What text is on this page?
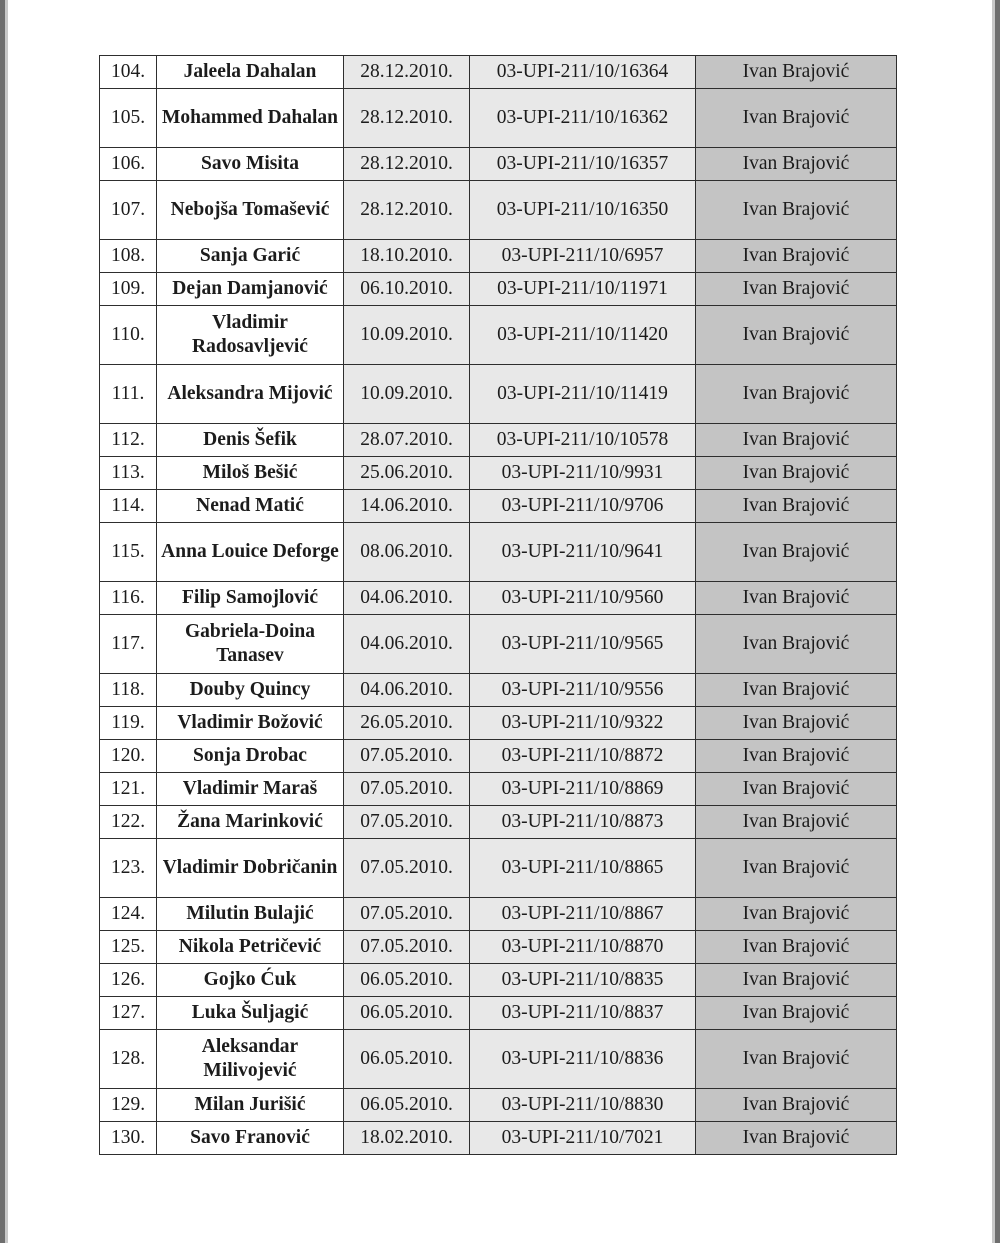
104.	Jaleela Dahalan	28.12.2010.	03-UPI-211/10/16364	Ivan Brajović
105.	Mohammed Dahalan	28.12.2010.	03-UPI-211/10/16362	Ivan Brajović
106.	Savo Misita	28.12.2010.	03-UPI-211/10/16357	Ivan Brajović
107.	Nebojša Tomašević	28.12.2010.	03-UPI-211/10/16350	Ivan Brajović
108.	Sanja Garić	18.10.2010.	03-UPI-211/10/6957	Ivan Brajović
109.	Dejan Damjanović	06.10.2010.	03-UPI-211/10/11971	Ivan Brajović
110.	Vladimir Radosavljević	10.09.2010.	03-UPI-211/10/11420	Ivan Brajović
111.	Aleksandra Mijović	10.09.2010.	03-UPI-211/10/11419	Ivan Brajović
112.	Denis Šefik	28.07.2010.	03-UPI-211/10/10578	Ivan Brajović
113.	Miloš Bešić	25.06.2010.	03-UPI-211/10/9931	Ivan Brajović
114.	Nenad Matić	14.06.2010.	03-UPI-211/10/9706	Ivan Brajović
115.	Anna Louice Deforge	08.06.2010.	03-UPI-211/10/9641	Ivan Brajović
116.	Filip Samojlović	04.06.2010.	03-UPI-211/10/9560	Ivan Brajović
117.	Gabriela-Doina Tanasev	04.06.2010.	03-UPI-211/10/9565	Ivan Brajović
118.	Douby Quincy	04.06.2010.	03-UPI-211/10/9556	Ivan Brajović
119.	Vladimir Božović	26.05.2010.	03-UPI-211/10/9322	Ivan Brajović
120.	Sonja Drobac	07.05.2010.	03-UPI-211/10/8872	Ivan Brajović
121.	Vladimir Maraš	07.05.2010.	03-UPI-211/10/8869	Ivan Brajović
122.	Žana Marinković	07.05.2010.	03-UPI-211/10/8873	Ivan Brajović
123.	Vladimir Dobričanin	07.05.2010.	03-UPI-211/10/8865	Ivan Brajović
124.	Milutin Bulajić	07.05.2010.	03-UPI-211/10/8867	Ivan Brajović
125.	Nikola Petričević	07.05.2010.	03-UPI-211/10/8870	Ivan Brajović
126.	Gojko Ćuk	06.05.2010.	03-UPI-211/10/8835	Ivan Brajović
127.	Luka Šuljagić	06.05.2010.	03-UPI-211/10/8837	Ivan Brajović
128.	Aleksandar Milivojević	06.05.2010.	03-UPI-211/10/8836	Ivan Brajović
129.	Milan Jurišić	06.05.2010.	03-UPI-211/10/8830	Ivan Brajović
130.	Savo Franović	18.02.2010.	03-UPI-211/10/7021	Ivan Brajović
